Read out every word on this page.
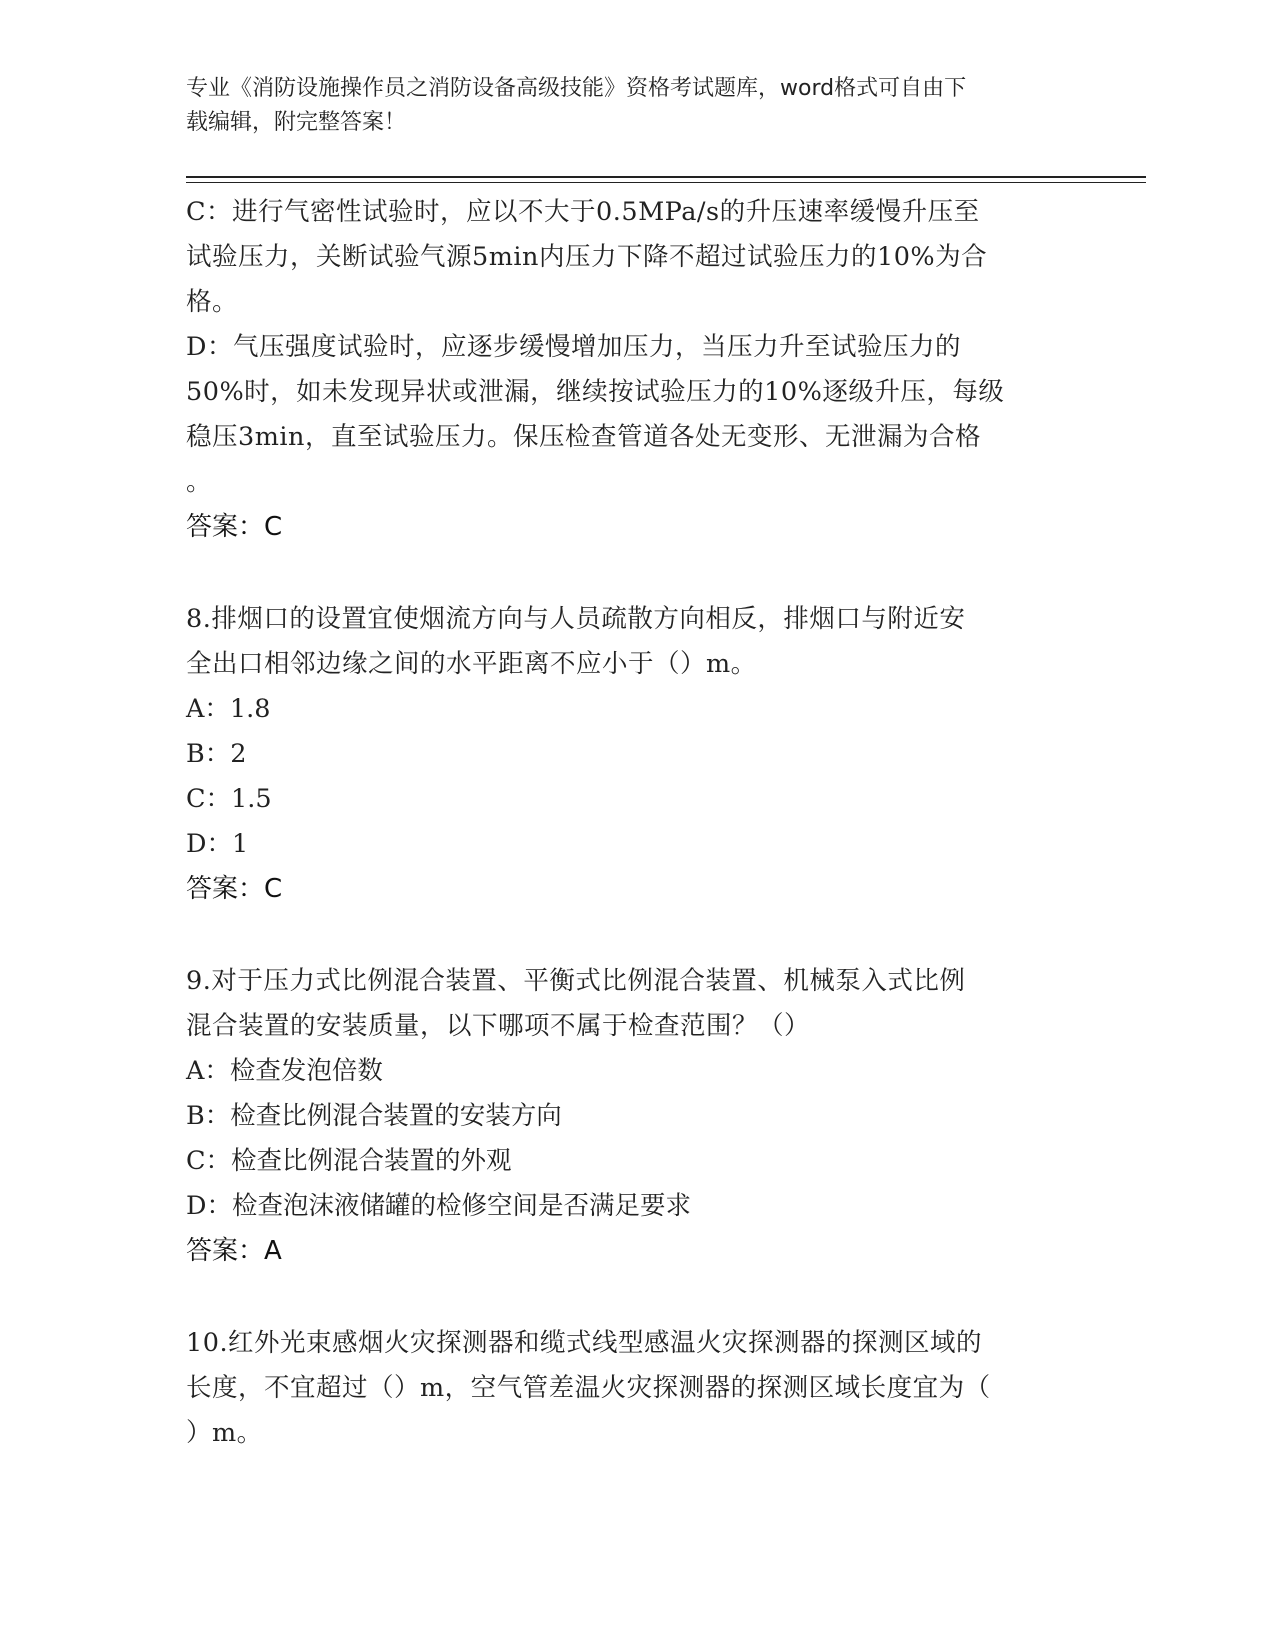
专业《消防设施操作员之消防设备高级技能》资格考试题库，word格式可自由下
载编辑，附完整答案！

C：进行气密性试验时，应以不大于0.5MPa/s的升压速率缓慢升压至

试验压力，关断试验气源5min内压力下降不超过试验压力的10%为合

格。

D：气压强度试验时，应逐步缓慢增加压力，当压力升至试验压力的

50%时，如未发现异状或泄漏，继续按试验压力的10%逐级升压，每级

稳压3min，直至试验压力。保压检查管道各处无变形、无泄漏为合格

。

答案：C

8.排烟口的设置宜使烟流方向与人员疏散方向相反，排烟口与附近安

全出口相邻边缘之间的水平距离不应小于（）m。

A：1.8

B：2

C：1.5

D：1

答案：C

9.对于压力式比例混合装置、平衡式比例混合装置、机械泵入式比例

混合装置的安装质量，以下哪项不属于检查范围？（）

A：检查发泡倍数

B：检查比例混合装置的安装方向

C：检查比例混合装置的外观

D：检查泡沫液储罐的检修空间是否满足要求

答案：A

10.红外光束感烟火灾探测器和缆式线型感温火灾探测器的探测区域的

长度，不宜超过（）m，空气管差温火灾探测器的探测区域长度宜为（

）m。
